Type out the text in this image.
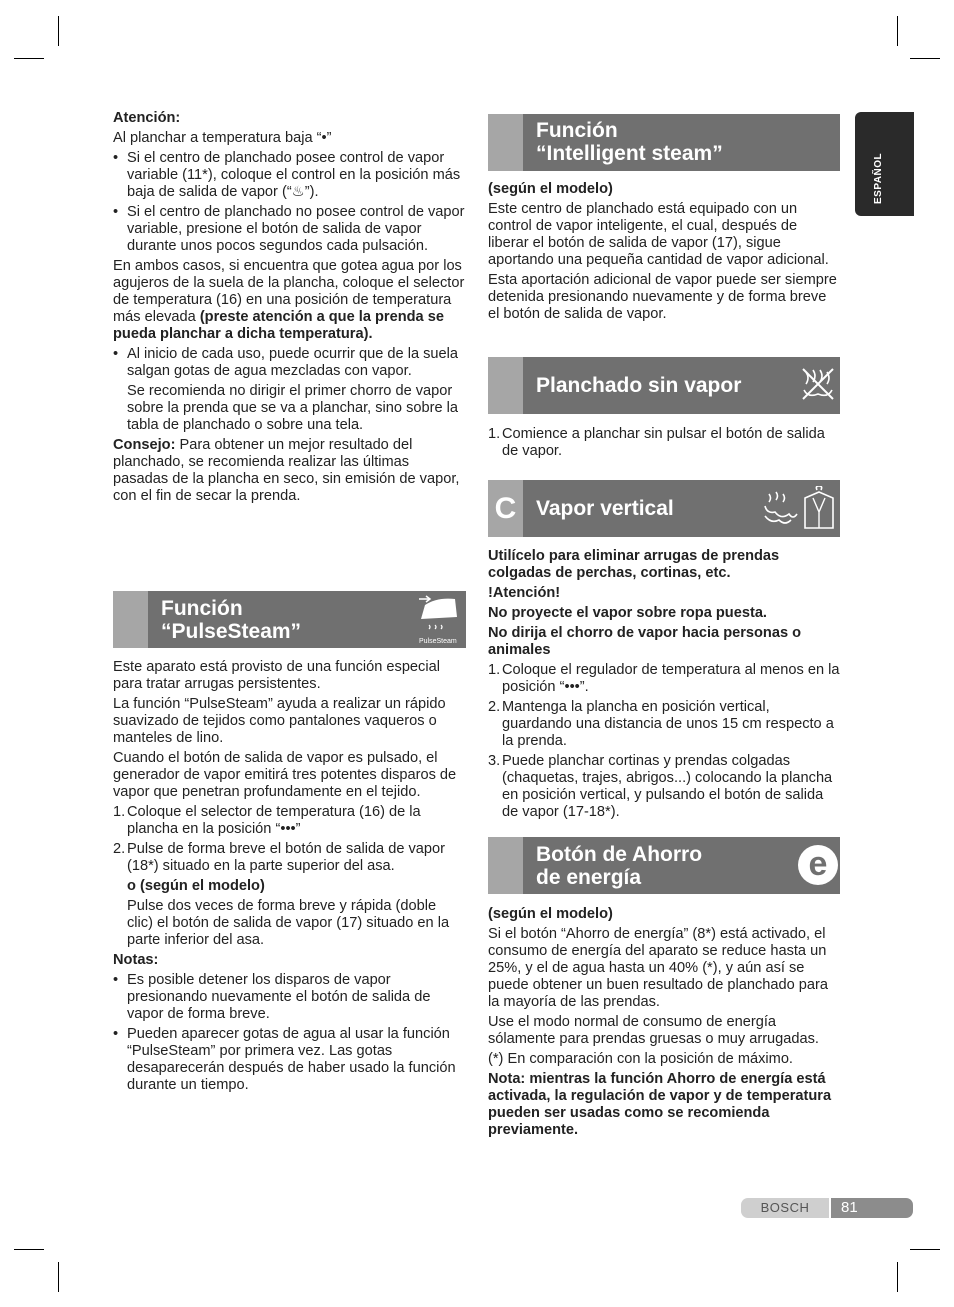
ESPAÑOL

Atención:

Al planchar a temperatura baja “•”

• Si el centro de planchado posee control de vapor variable (11*), coloque el control en la posición más baja de salida de vapor (“♨”).
• Si el centro de planchado no posee control de vapor variable, presione el botón de salida de vapor durante unos pocos segundos cada pulsación.

En ambos casos, si encuentra que gotea agua por los agujeros de la suela de la plancha, coloque el selector de temperatura (16) en una posición de temperatura más elevada (preste atención a que la prenda se pueda planchar a dicha temperatura).

• Al inicio de cada uso, puede ocurrir que de la suela salgan gotas de agua mezcladas con vapor.
Se recomienda no dirigir el primer chorro de vapor sobre la prenda que se va a planchar, sino sobre la tabla de planchado o sobre una tela.

Consejo: Para obtener un mejor resultado del planchado, se recomienda realizar las últimas pasadas de la plancha en seco, sin emisión de vapor, con el fin de secar la prenda.

Función
“PulseSteam”	PulseSteam

Este aparato está provisto de una función especial para tratar arrugas persistentes.

La función “PulseSteam” ayuda a realizar un rápido suavizado de tejidos como pantalones vaqueros o manteles de lino.

Cuando el botón de salida de vapor es pulsado, el generador de vapor emitirá tres potentes disparos de vapor que penetran profundamente en el tejido.

1. Coloque el selector de temperatura (16) de la plancha en la posición “•••”
2. Pulse de forma breve el botón de salida de vapor (18*) situado en la parte superior del asa.
o (según el modelo)
Pulse dos veces de forma breve y rápida (doble clic) el botón de salida de vapor (17) situado en la parte inferior del asa.

Notas:

• Es posible detener los disparos de vapor presionando nuevamente el botón de salida de vapor de forma breve.
• Pueden aparecer gotas de agua al usar la función “PulseSteam” por primera vez. Las gotas desaparecerán después de haber usado la función durante un tiempo.
Función
“Intelligent steam”

(según el modelo)

Este centro de planchado está equipado con un control de vapor inteligente, el cual, después de liberar el botón de salida de vapor (17), sigue aportando una pequeña cantidad de vapor adicional.

Esta aportación adicional de vapor puede ser siempre detenida presionando nuevamente y de forma breve el botón de salida de vapor.

Planchado sin vapor
1. Comience a planchar sin pulsar el botón de salida de vapor.
C Vapor vertical

Utilícelo para eliminar arrugas de prendas colgadas de perchas, cortinas, etc.

!Atención!

No proyecte el vapor sobre ropa puesta.

No dirija el chorro de vapor hacia personas o animales

1. Coloque el regulador de temperatura al menos en la posición “•••”.
2. Mantenga la plancha en posición vertical, guardando una distancia de unos 15 cm respecto a la prenda.
3. Puede planchar cortinas y prendas colgadas (chaquetas, trajes, abrigos...) colocando la plancha en posición vertical, y pulsando el botón de salida de vapor (17-18*).
Botón de Ahorro
de energía	e

(según el modelo)

Si el botón “Ahorro de energía” (8*) está activado, el consumo de energía del aparato se reduce hasta un 25%, y el de agua hasta un 40% (*), y aún así se puede obtener un buen resultado de planchado para la mayoría de las prendas.

Use el modo normal de consumo de energía sólamente para prendas gruesas o muy arrugadas.

(*) En comparación con la posición de máximo.

Nota: mientras la función Ahorro de energía está activada, la regulación de vapor y de temperatura pueden ser usadas como se recomienda previamente.

BOSCH	81
